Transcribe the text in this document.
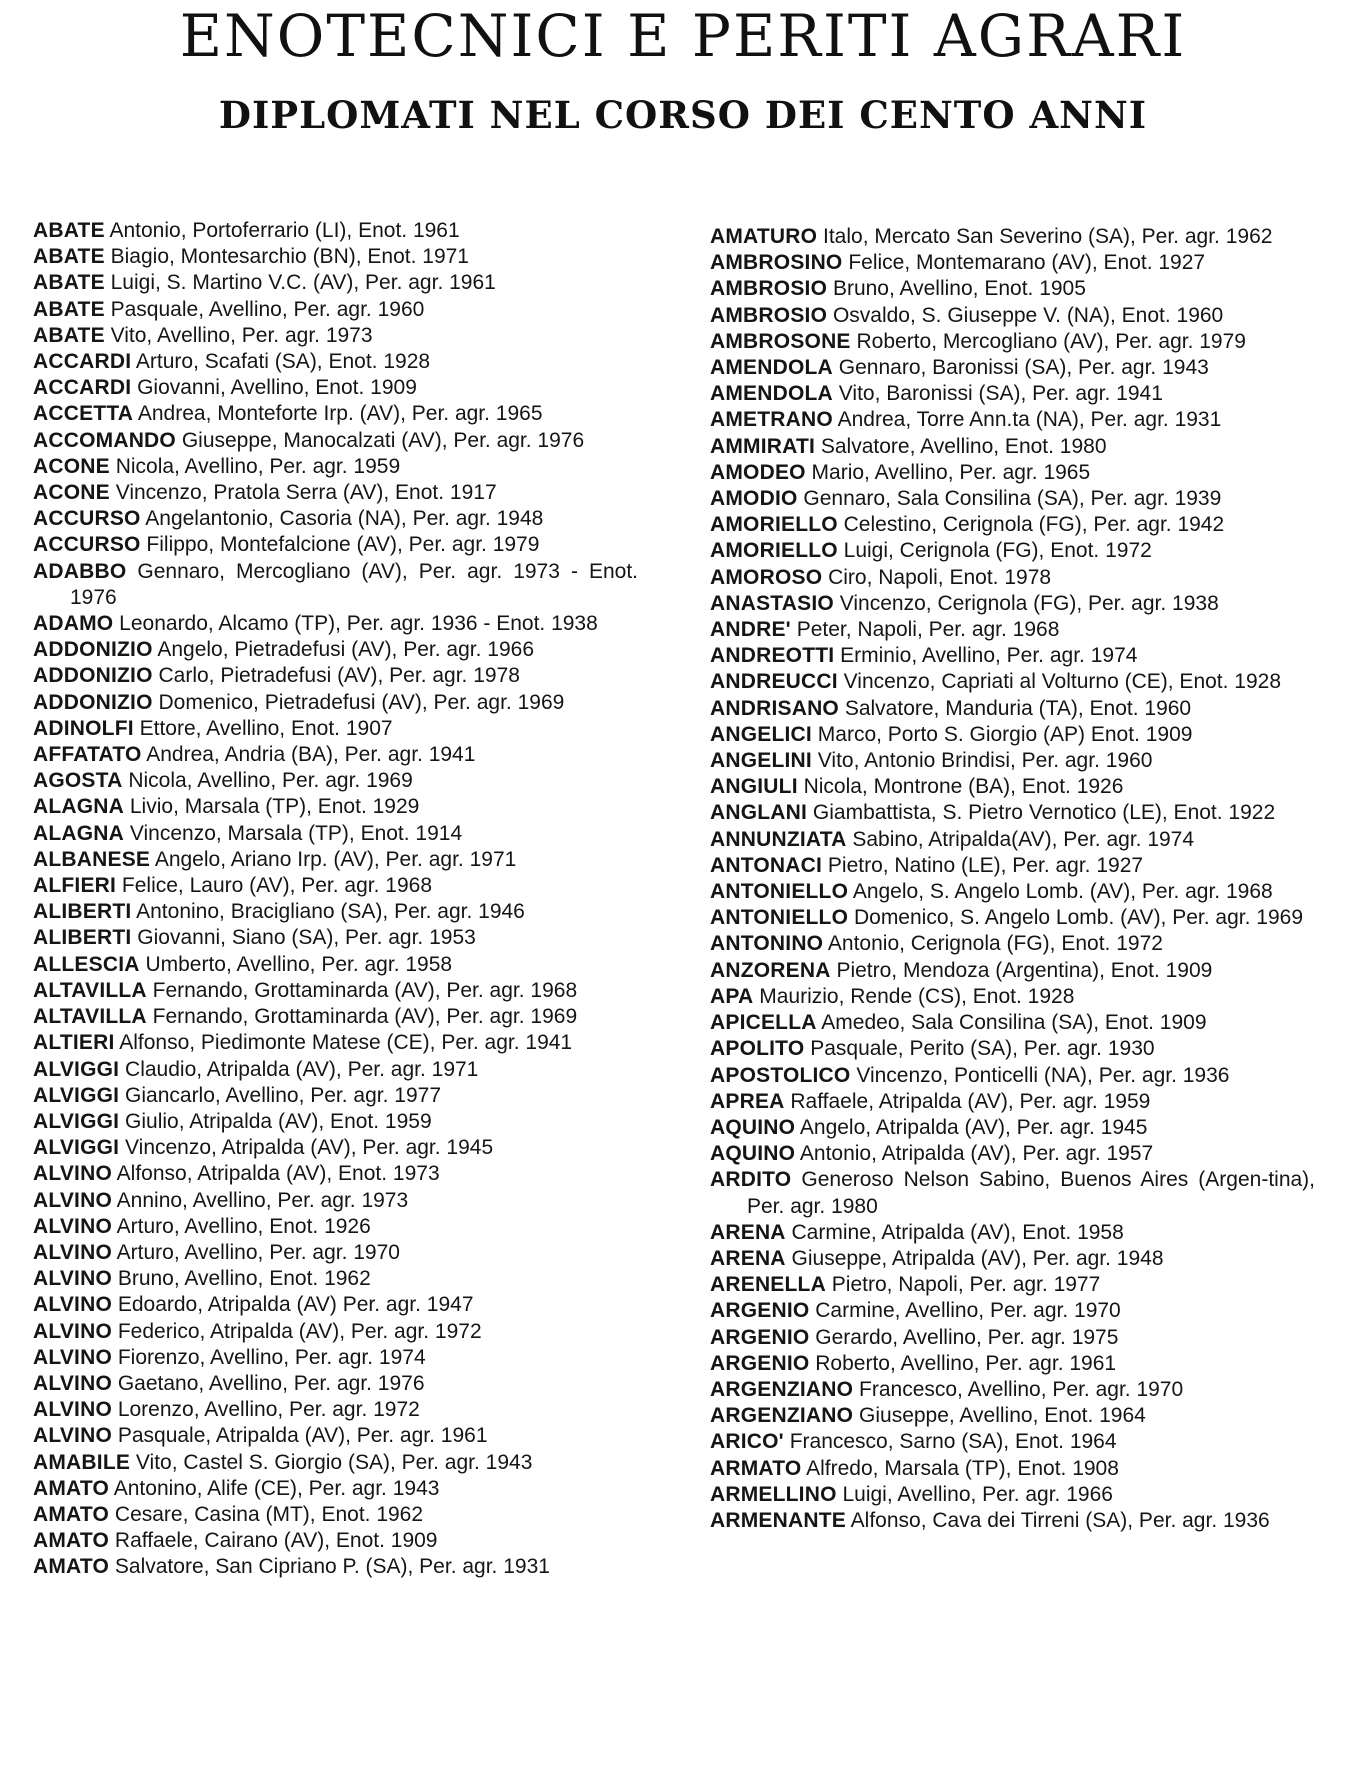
ENOTECNICI E PERITI AGRARI
DIPLOMATI NEL CORSO DEI CENTO ANNI
ABATE Antonio, Portoferrario (LI), Enot. 1961
ABATE Biagio, Montesarchio (BN), Enot. 1971
ABATE Luigi, S. Martino V.C. (AV), Per. agr. 1961
ABATE Pasquale, Avellino, Per. agr. 1960
ABATE Vito, Avellino, Per. agr. 1973
ACCARDI Arturo, Scafati (SA), Enot. 1928
ACCARDI Giovanni, Avellino, Enot. 1909
ACCETTA Andrea, Monteforte Irp. (AV), Per. agr. 1965
ACCOMANDO Giuseppe, Manocalzati (AV), Per. agr. 1976
ACONE Nicola, Avellino, Per. agr. 1959
ACONE Vincenzo, Pratola Serra (AV), Enot. 1917
ACCURSO Angelantonio, Casoria (NA), Per. agr. 1948
ACCURSO Filippo, Montefalcione (AV), Per. agr. 1979
ADABBO Gennaro, Mercogliano (AV), Per. agr. 1973 - Enot. 1976
ADAMO Leonardo, Alcamo (TP), Per. agr. 1936 - Enot. 1938
ADDONIZIO Angelo, Pietradefusi (AV), Per. agr. 1966
ADDONIZIO Carlo, Pietradefusi (AV), Per. agr. 1978
ADDONIZIO Domenico, Pietradefusi (AV), Per. agr. 1969
ADINOLFI Ettore, Avellino, Enot. 1907
AFFATATO Andrea, Andria (BA), Per. agr. 1941
AGOSTA Nicola, Avellino, Per. agr. 1969
ALAGNA Livio, Marsala (TP), Enot. 1929
ALAGNA Vincenzo, Marsala (TP), Enot. 1914
ALBANESE Angelo, Ariano Irp. (AV), Per. agr. 1971
ALFIERI Felice, Lauro (AV), Per. agr. 1968
ALIBERTI Antonino, Bracigliano (SA), Per. agr. 1946
ALIBERTI Giovanni, Siano (SA), Per. agr. 1953
ALLESCIA Umberto, Avellino, Per. agr. 1958
ALTAVILLA Fernando, Grottaminarda (AV), Per. agr. 1968
ALTAVILLA Fernando, Grottaminarda (AV), Per. agr. 1969
ALTIERI Alfonso, Piedimonte Matese (CE), Per. agr. 1941
ALVIGGI Claudio, Atripalda (AV), Per. agr. 1971
ALVIGGI Giancarlo, Avellino, Per. agr. 1977
ALVIGGI Giulio, Atripalda (AV), Enot. 1959
ALVIGGI Vincenzo, Atripalda (AV), Per. agr. 1945
ALVINO Alfonso, Atripalda (AV), Enot. 1973
ALVINO Annino, Avellino, Per. agr. 1973
ALVINO Arturo, Avellino, Enot. 1926
ALVINO Arturo, Avellino, Per. agr. 1970
ALVINO Bruno, Avellino, Enot. 1962
ALVINO Edoardo, Atripalda (AV) Per. agr. 1947
ALVINO Federico, Atripalda (AV), Per. agr. 1972
ALVINO Fiorenzo, Avellino, Per. agr. 1974
ALVINO Gaetano, Avellino, Per. agr. 1976
ALVINO Lorenzo, Avellino, Per. agr. 1972
ALVINO Pasquale, Atripalda (AV), Per. agr. 1961
AMABILE Vito, Castel S. Giorgio (SA), Per. agr. 1943
AMATO Antonino, Alife (CE), Per. agr. 1943
AMATO Cesare, Casina (MT), Enot. 1962
AMATO Raffaele, Cairano (AV), Enot. 1909
AMATO Salvatore, San Cipriano P. (SA), Per. agr. 1931
AMATURO Italo, Mercato San Severino (SA), Per. agr. 1962
AMBROSINO Felice, Montemarano (AV), Enot. 1927
AMBROSIO Bruno, Avellino, Enot. 1905
AMBROSIO Osvaldo, S. Giuseppe V. (NA), Enot. 1960
AMBROSONE Roberto, Mercogliano (AV), Per. agr. 1979
AMENDOLA Gennaro, Baronissi (SA), Per. agr. 1943
AMENDOLA Vito, Baronissi (SA), Per. agr. 1941
AMETRANO Andrea, Torre Ann.ta (NA), Per. agr. 1931
AMMIRATI Salvatore, Avellino, Enot. 1980
AMODEO Mario, Avellino, Per. agr. 1965
AMODIO Gennaro, Sala Consilina (SA), Per. agr. 1939
AMORIELLO Celestino, Cerignola (FG), Per. agr. 1942
AMORIELLO Luigi, Cerignola (FG), Enot. 1972
AMOROSO Ciro, Napoli, Enot. 1978
ANASTASIO Vincenzo, Cerignola (FG), Per. agr. 1938
ANDRE' Peter, Napoli, Per. agr. 1968
ANDREOTTI Erminio, Avellino, Per. agr. 1974
ANDREUCCI Vincenzo, Capriati al Volturno (CE), Enot. 1928
ANDRISANO Salvatore, Manduria (TA), Enot. 1960
ANGELICI Marco, Porto S. Giorgio (AP) Enot. 1909
ANGELINI Vito, Antonio Brindisi, Per. agr. 1960
ANGIULI Nicola, Montrone (BA), Enot. 1926
ANGLANI Giambattista, S. Pietro Vernotico (LE), Enot. 1922
ANNUNZIATA Sabino, Atripalda(AV), Per. agr. 1974
ANTONACI Pietro, Natino (LE), Per. agr. 1927
ANTONIELLO Angelo, S. Angelo Lomb. (AV), Per. agr. 1968
ANTONIELLO Domenico, S. Angelo Lomb. (AV), Per. agr. 1969
ANTONINO Antonio, Cerignola (FG), Enot. 1972
ANZORENA Pietro, Mendoza (Argentina), Enot. 1909
APA Maurizio, Rende (CS), Enot. 1928
APICELLA Amedeo, Sala Consilina (SA), Enot. 1909
APOLITO Pasquale, Perito (SA), Per. agr. 1930
APOSTOLICO Vincenzo, Ponticelli (NA), Per. agr. 1936
APREA Raffaele, Atripalda (AV), Per. agr. 1959
AQUINO Angelo, Atripalda (AV), Per. agr. 1945
AQUINO Antonio, Atripalda (AV), Per. agr. 1957
ARDITO Generoso Nelson Sabino, Buenos Aires (Argen-tina), Per. agr. 1980
ARENA Carmine, Atripalda (AV), Enot. 1958
ARENA Giuseppe, Atripalda (AV), Per. agr. 1948
ARENELLA Pietro, Napoli, Per. agr. 1977
ARGENIO Carmine, Avellino, Per. agr. 1970
ARGENIO Gerardo, Avellino, Per. agr. 1975
ARGENIO Roberto, Avellino, Per. agr. 1961
ARGENZIANO Francesco, Avellino, Per. agr. 1970
ARGENZIANO Giuseppe, Avellino, Enot. 1964
ARICO' Francesco, Sarno (SA), Enot. 1964
ARMATO Alfredo, Marsala (TP), Enot. 1908
ARMELLINO Luigi, Avellino, Per. agr. 1966
ARMENANTE Alfonso, Cava dei Tirreni (SA), Per. agr. 1936
